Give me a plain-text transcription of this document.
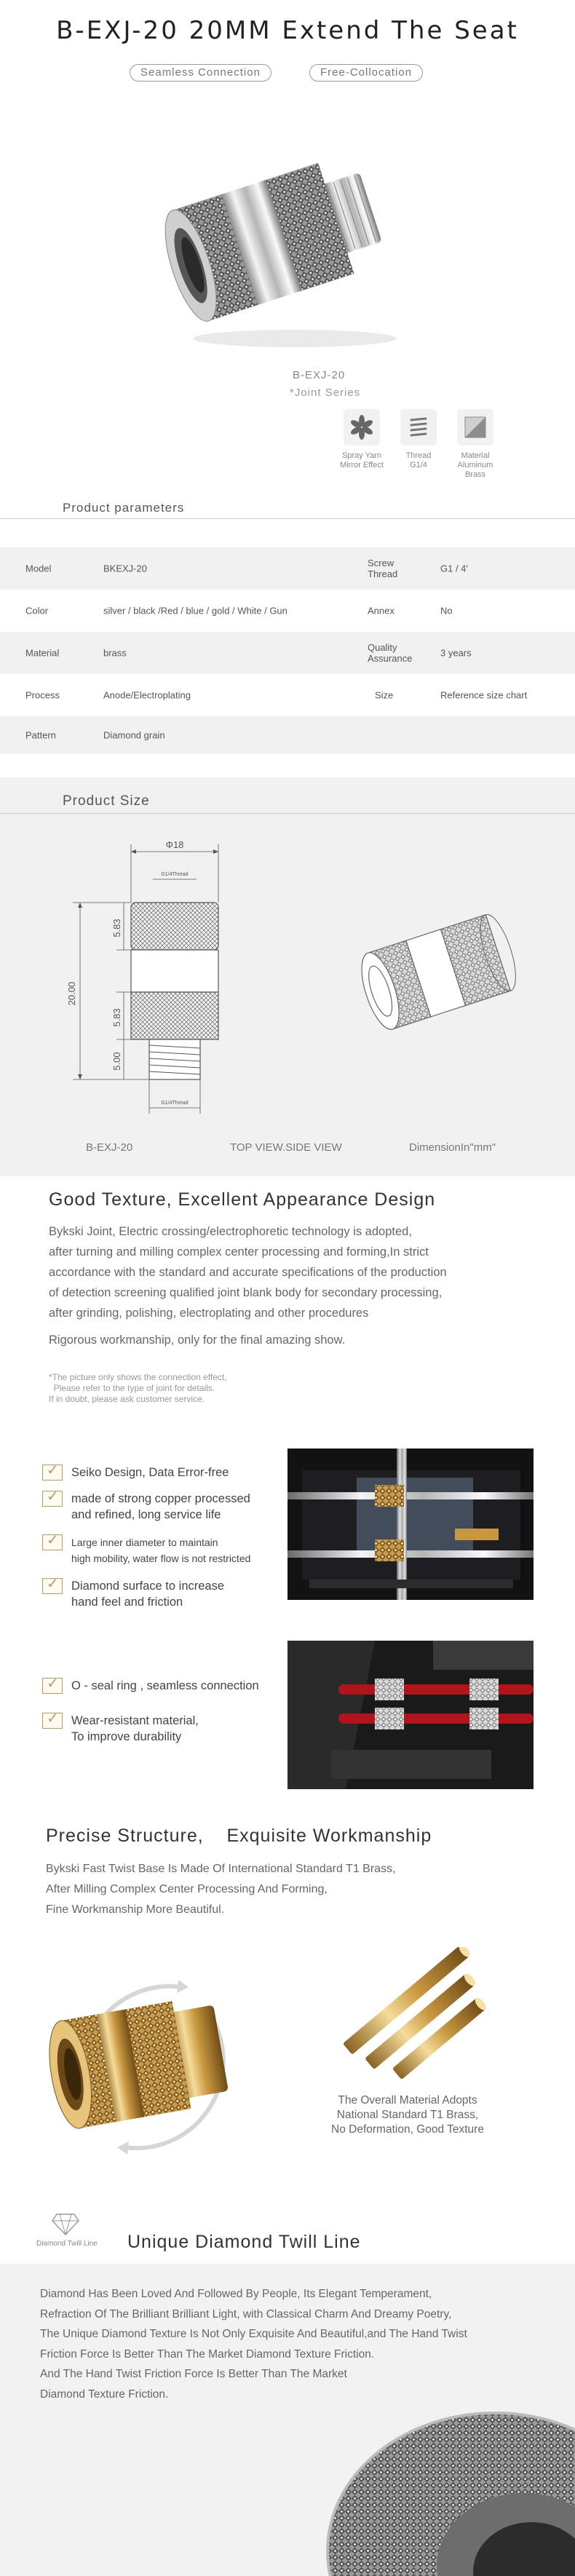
B-EXJ-20 20MM Extend The Seat
Seamless Connection	Free-Collocation
B-EXJ-20
*Joint Series
Spray Yarn Mirror Effect
Thread G1/4
Material Aluminum Brass
Product parameters
Model	BKEXJ-20	Screw Thread	G1 / 4'
Color	silver / black /Red / blue / gold / White / Gun	Annex	No
Material	brass	Quality Assurance	3 years
Process	Anode/Electroplating	Size	Reference size chart
Pattern	Diamond grain
Product Size
Φ18
G1/4Thread
20.00
5.83
5.83
5.00
G1/4Thread
B-EXJ-20	TOP VIEW.SIDE VIEW	DimensionIn"mm"
Good Texture, Excellent Appearance Design
Bykski Joint, Electric crossing/electrophoretic technology is adopted,
after turning and milling complex center processing and forming,In strict
accordance with the standard and accurate specifications of the production
of detection screening qualified joint blank body for secondary processing,
after grinding, polishing, electroplating and other procedures
Rigorous workmanship, only for the final amazing show.
*The picture only shows the connection effect,
Please refer to the type of joint for details.
If in doubt, please ask customer service.
✓
Seiko Design, Data Error-free
✓
made of strong copper processed
and refined, long service life
✓
Large inner diameter to maintain
high mobility, water flow is not restricted
✓
Diamond surface to increase
hand feel and friction
✓
O - seal ring , seamless connection
✓
Wear-resistant material,
To improve durability
Precise Structure,    Exquisite Workmanship
Bykski Fast Twist Base Is Made Of International Standard T1 Brass,
After Milling Complex Center Processing And Forming,
Fine Workmanship More Beautiful.
The Overall Material Adopts
National Standard T1 Brass,
No Deformation, Good Texture
Diamond Twill Line Unique Diamond Twill Line
Diamond Has Been Loved And Followed By People, Its Elegant Temperament,
Refraction Of The Brilliant Brilliant Light, with Classical Charm And Dreamy Poetry,
The Unique Diamond Texture Is Not Only Exquisite And Beautiful,and The Hand Twist
Friction Force Is Better Than The Market Diamond Texture Friction.
And The Hand Twist Friction Force Is Better Than The Market
Diamond Texture Friction.
